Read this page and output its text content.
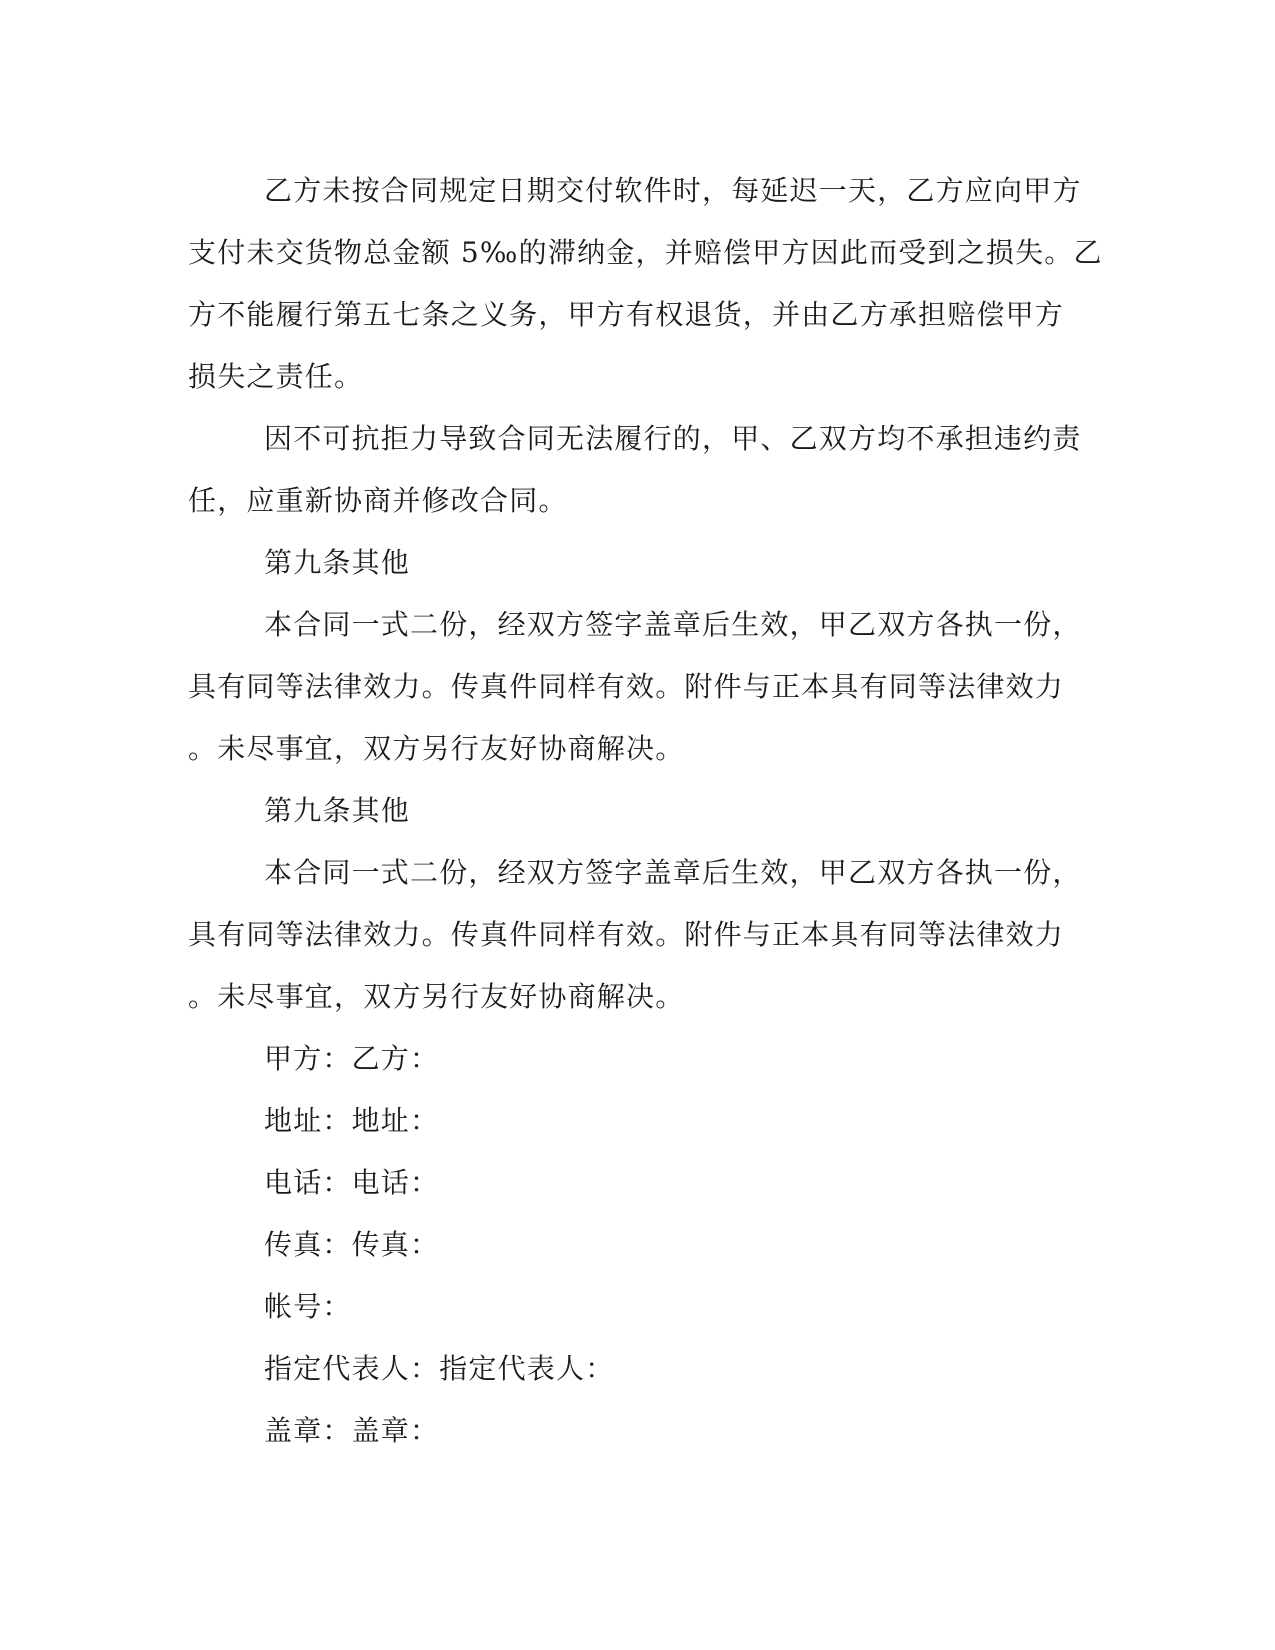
乙方未按合同规定日期交付软件时，每延迟一天，乙方应向甲方
支付未交货物总金额 5‰的滞纳金，并赔偿甲方因此而受到之损失。乙
方不能履行第五七条之义务，甲方有权退货，并由乙方承担赔偿甲方
损失之责任。
因不可抗拒力导致合同无法履行的，甲、乙双方均不承担违约责
任，应重新协商并修改合同。
第九条其他
本合同一式二份，经双方签字盖章后生效，甲乙双方各执一份，
具有同等法律效力。传真件同样有效。附件与正本具有同等法律效力
。未尽事宜，双方另行友好协商解决。
第九条其他
本合同一式二份，经双方签字盖章后生效，甲乙双方各执一份，
具有同等法律效力。传真件同样有效。附件与正本具有同等法律效力
。未尽事宜，双方另行友好协商解决。
甲方：乙方：
地址：地址：
电话：电话：
传真：传真：
帐号：
指定代表人：指定代表人：
盖章：盖章：
